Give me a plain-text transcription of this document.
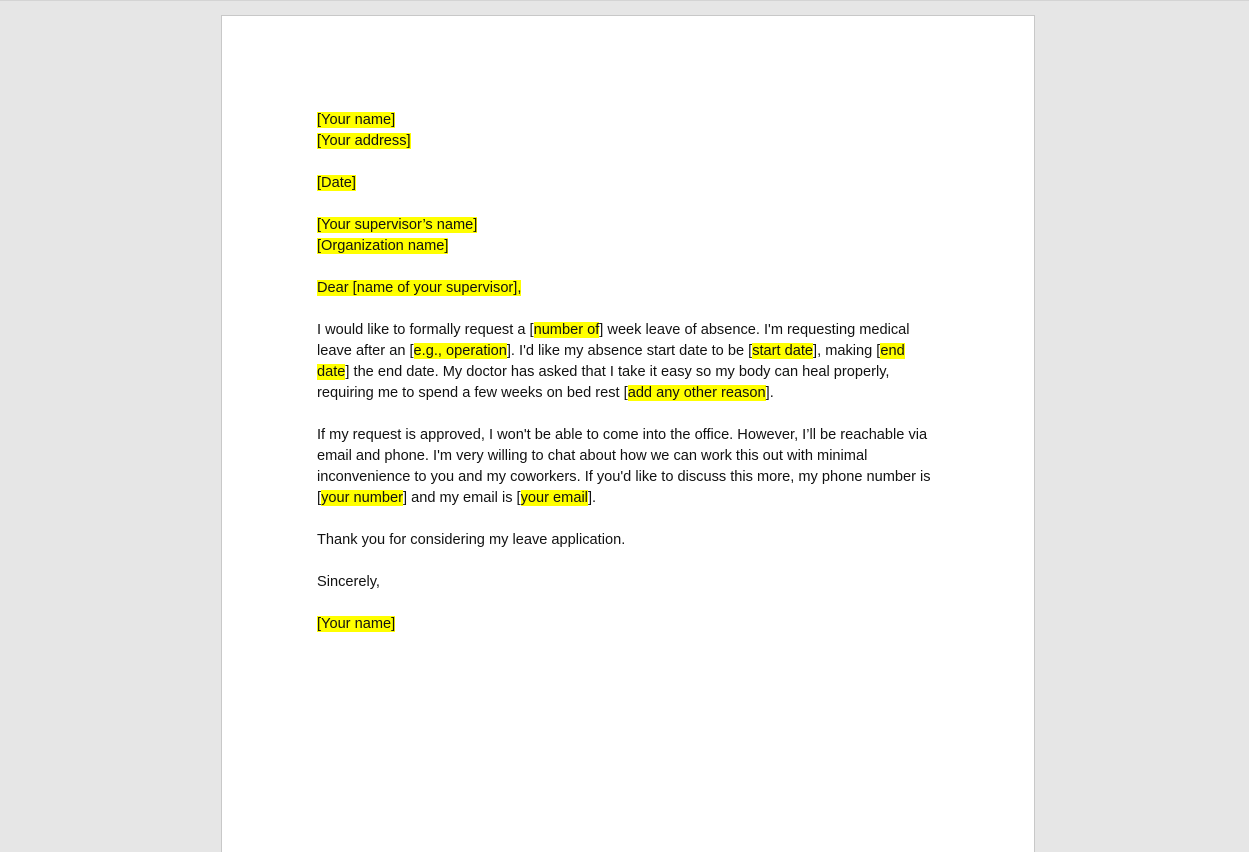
[Your name]
[Your address]
[Date]
[Your supervisor’s name]
[Organization name]
Dear [name of your supervisor],
I would like to formally request a [number of] week leave of absence. I'm requesting medical
leave after an [e.g., operation]. I'd like my absence start date to be [start date], making [end
date] the end date. My doctor has asked that I take it easy so my body can heal properly,
requiring me to spend a few weeks on bed rest [add any other reason].
If my request is approved, I won't be able to come into the office. However, I’ll be reachable via
email and phone. I'm very willing to chat about how we can work this out with minimal
inconvenience to you and my coworkers. If you'd like to discuss this more, my phone number is
[your number] and my email is [your email].
Thank you for considering my leave application.
Sincerely,
[Your name]
